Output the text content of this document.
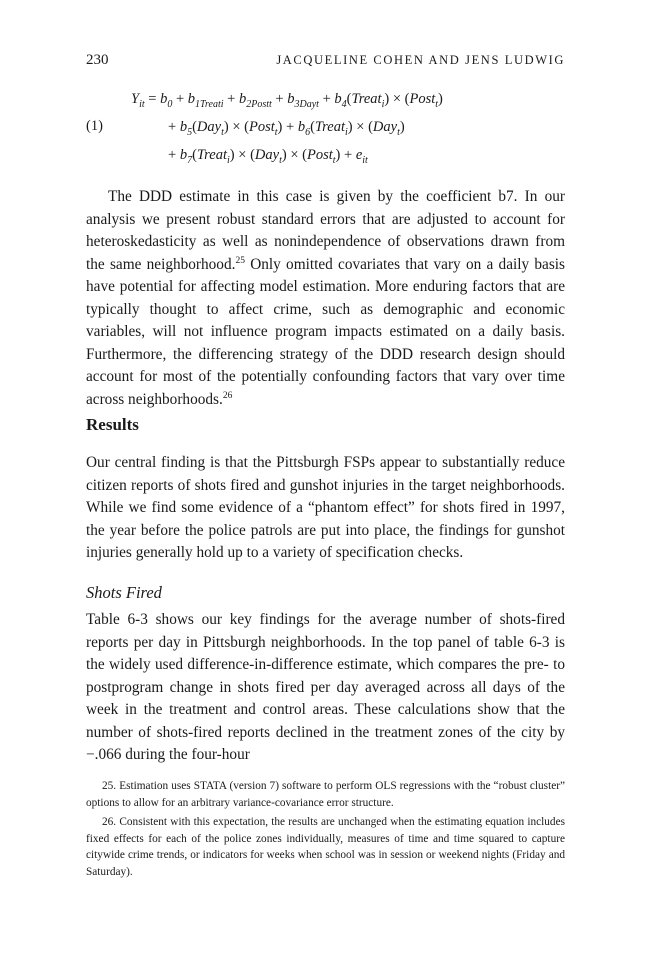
230	JACQUELINE COHEN AND JENS LUDWIG
(1)
$Y_{it} = b_0 + b_{1Treati} + b_{2Postt} + b_{3Dayt}$ + $b_4(Treat_i)$ × (Post$_t$)
+ $b_5(Day_t)$ × (Post$_t$) + $b_6(Treat_i) \times (Day_t)$
+ $b_7(Treat_i) \times (Day_t)$ × (Post$_t$) + $e_{it}$

The DDD estimate in this case is given by the coefficient b7. In our analysis we present robust standard errors that are adjusted to account for heteroskedasticity as well as nonindependence of observations drawn from the same neighborhood.$^{25}$ Only omitted covariates that vary on a daily basis have potential for affecting model estimation. More enduring factors that are typically thought to affect crime, such as demographic and economic variables, will not influence program impacts estimated on a daily basis. Furthermore, the differencing strategy of the DDD research design should account for most of the potentially confounding factors that vary over time across neighborhoods.$^{26}$

Results

Our central finding is that the Pittsburgh FSPs appear to substantially reduce citizen reports of shots fired and gunshot injuries in the target neighborhoods. While we find some evidence of a “phantom effect” for shots fired in 1997, the year before the police patrols are put into place, the findings for gunshot injuries generally hold up to a variety of specification checks.

Shots Fired

Table 6-3 shows our key findings for the average number of shots-fired reports per day in Pittsburgh neighborhoods. In the top panel of table 6-3 is the widely used difference-in-difference estimate, which compares the pre- to postprogram change in shots fired per day averaged across all days of the week in the treatment and control areas. These calculations show that the number of shots-fired reports declined in the treatment zones of the city by −.066 during the four-hour

25. Estimation uses STATA (version 7) software to perform OLS regressions with the “robust cluster” options to allow for an arbitrary variance-covariance error structure.

26. Consistent with this expectation, the results are unchanged when the estimating equation includes fixed effects for each of the police zones individually, measures of time and time squared to capture citywide crime trends, or indicators for weeks when school was in session or weekend nights (Friday and Saturday).
